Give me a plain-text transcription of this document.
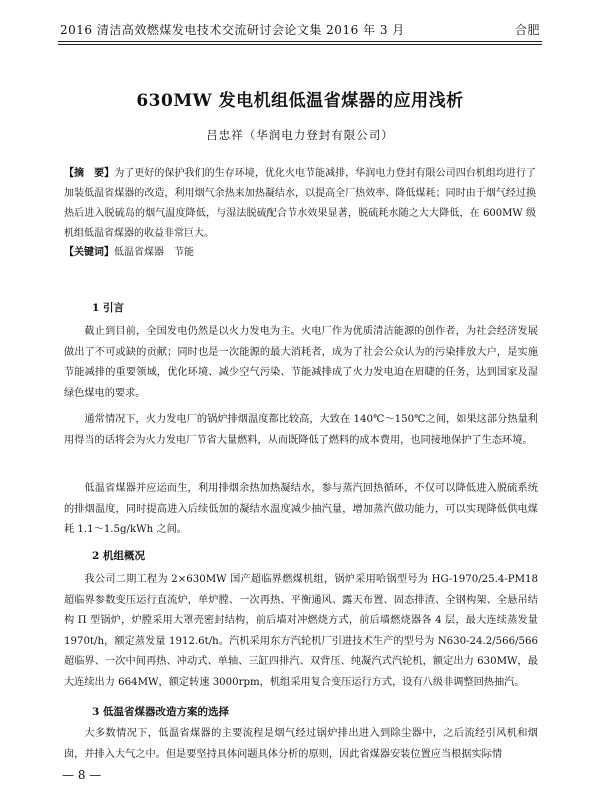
2016 清洁高效燃煤发电技术交流研讨会论文集 2016 年 3 月	合肥
630MW 发电机组低温省煤器的应用浅析
吕忠祥（华润电力登封有限公司）
【摘　要】为了更好的保护我们的生存环境，优化火电节能减排，华润电力登封有限公司四台机组均进行了加装低温省煤器的改造，利用烟气余热来加热凝结水，以提高全厂热效率、降低煤耗；同时由于烟气经过换热后进入脱硫岛的烟气温度降低，与湿法脱硫配合节水效果显著，脱硫耗水随之大大降低，在 600MW 级机组低温省煤器的收益非常巨大。
【关键词】低温省煤器　节能
1 引言
截止到目前，全国发电仍然是以火力发电为主。火电厂作为优质清洁能源的创作者，为社会经济发展做出了不可或缺的贡献；同时也是一次能源的最大消耗者，成为了社会公众认为的污染排放大户，是实施节能减排的重要领域，优化环境、减少空气污染、节能减排成了火力发电迫在眉睫的任务，达到国家及湿绿色煤电的要求。
通常情况下，火力发电厂的锅炉排烟温度都比较高，大致在 140℃～150℃之间，如果这部分热量利用得当的话将会为火力发电厂节省大量燃料，从而既降低了燃料的成本费用，也同接地保护了生态环境。
低温省煤器并应运而生，利用排烟余热加热凝结水，参与蒸汽回热循环，不仅可以降低进入脱硫系统的排烟温度，同时提高进入后续低加的凝结水温度减少抽汽量，增加蒸汽做功能力，可以实现降低供电煤耗 1.1～1.5g/kWh 之间。
2 机组概况
我公司二期工程为 2×630MW 国产超临界燃煤机组，锅炉采用哈锅型号为 HG-1970/25.4-PM18 超临界参数变压运行直流炉，单炉膛、一次再热、平衡通风、露天布置、固态排渣、全钢构架、全悬吊结构 Π 型锅炉，炉膛采用大罩壳密封结构，前后墙对冲燃烧方式，前后墙燃烧器各 4 层，最大连续蒸发量 1970t/h，额定蒸发量 1912.6t/h。汽机采用东方汽轮机厂引进技术生产的型号为 N630-24.2/566/566 超临界、一次中间再热、冲动式、单轴、三缸四排汽、双背压、纯凝汽式汽轮机，额定出力 630MW，最大连续出力 664MW，额定转速 3000rpm，机组采用复合变压运行方式，设有八级非调整回热抽汽。
3 低温省煤器改造方案的选择
大多数情况下，低温省煤器的主要流程是烟气经过锅炉排出进入到除尘器中，之后流经引风机和烟囱，并排入大气之中。但是要坚持具体问题具体分析的原则，因此省煤器安装位置应当根据实际情
— 8 —
